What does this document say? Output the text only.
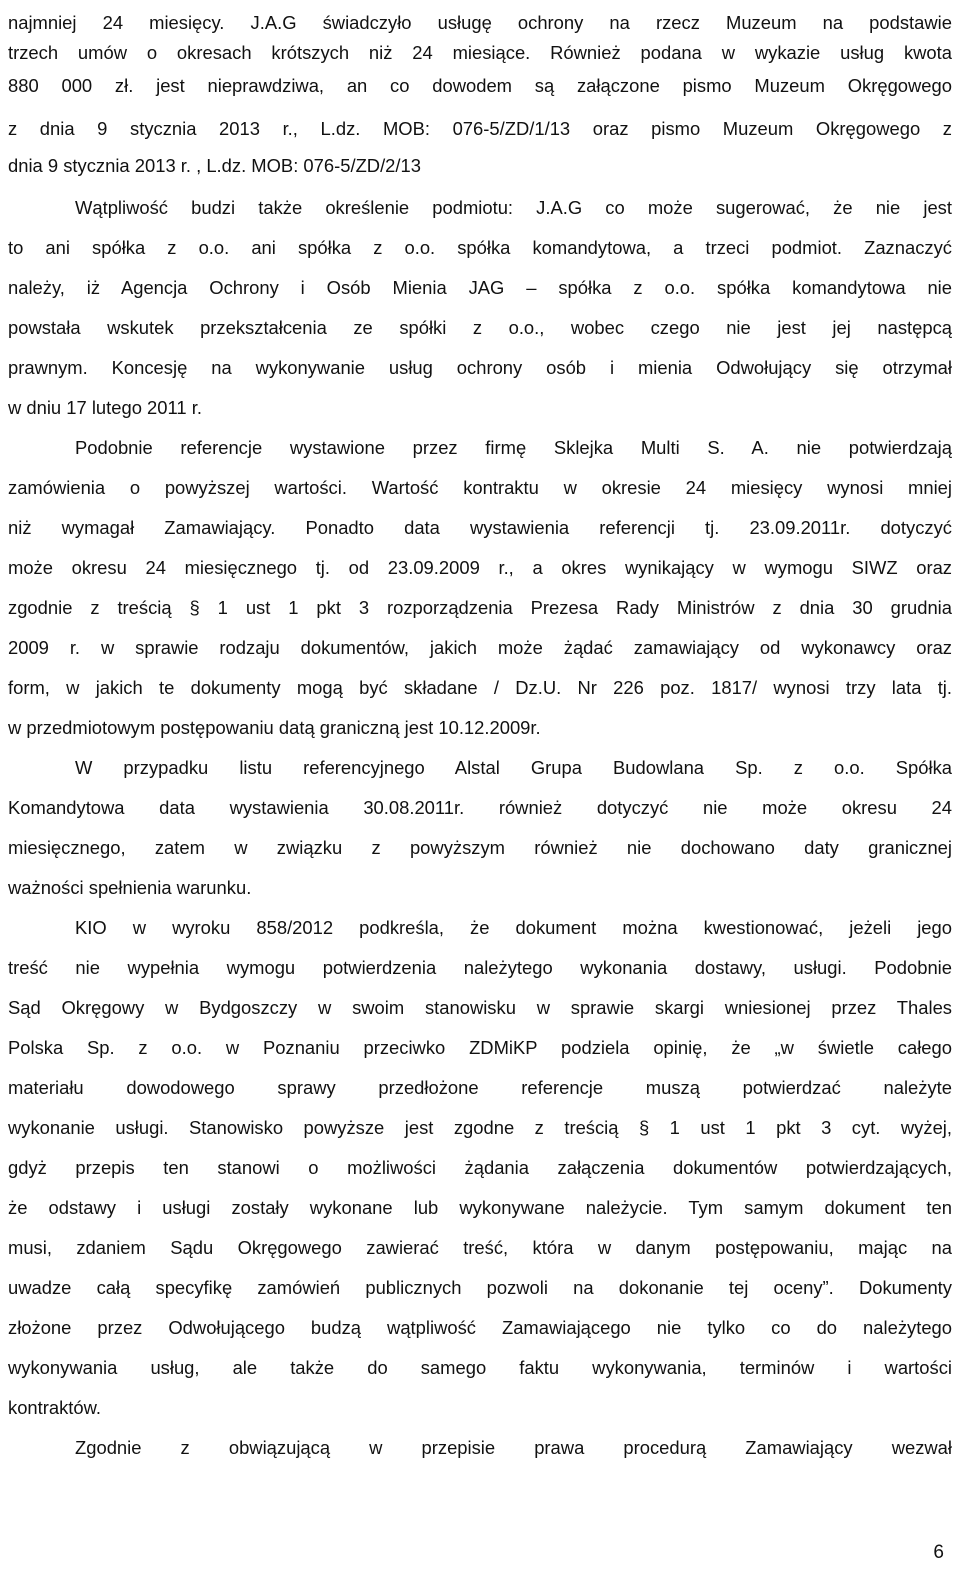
najmniej 24 miesięcy. J.A.G świadczyło usługę ochrony na rzecz Muzeum na podstawie
trzech umów o okresach krótszych niż 24 miesiące. Również podana w wykazie usług kwota
880 000 zł. jest nieprawdziwa, an co dowodem są załączone pismo Muzeum Okręgowego
z dnia 9 stycznia 2013 r., L.dz. MOB: 076-5/ZD/1/13 oraz pismo Muzeum Okręgowego z
dnia 9 stycznia 2013 r. , L.dz. MOB: 076-5/ZD/2/13
Wątpliwość budzi także określenie podmiotu: J.A.G co może sugerować, że nie jest
to ani spółka z o.o. ani spółka z o.o. spółka komandytowa, a trzeci podmiot. Zaznaczyć
należy, iż Agencja Ochrony i Osób Mienia JAG ‒ spółka z o.o. spółka komandytowa nie
powstała wskutek przekształcenia ze spółki z o.o., wobec czego nie jest jej następcą
prawnym. Koncesję na wykonywanie usług ochrony osób i mienia Odwołujący się otrzymał
w dniu 17 lutego 2011 r.
Podobnie referencje wystawione przez firmę Sklejka Multi S. A. nie potwierdzają
zamówienia o powyższej wartości. Wartość kontraktu w okresie 24 miesięcy wynosi mniej
niż wymagał Zamawiający. Ponadto data wystawienia referencji tj. 23.09.2011r. dotyczyć
może okresu 24 miesięcznego tj. od 23.09.2009 r., a okres wynikający w wymogu SIWZ oraz
zgodnie z treścią § 1 ust 1 pkt 3 rozporządzenia Prezesa Rady Ministrów z dnia 30 grudnia
2009 r. w sprawie rodzaju dokumentów, jakich może żądać zamawiający od wykonawcy oraz
form, w jakich te dokumenty mogą być składane / Dz.U. Nr 226 poz. 1817/ wynosi trzy lata tj.
w przedmiotowym postępowaniu datą graniczną jest 10.12.2009r.
W przypadku listu referencyjnego Alstal Grupa Budowlana Sp. z o.o. Spółka
Komandytowa data wystawienia 30.08.2011r. również dotyczyć nie może okresu 24
miesięcznego, zatem w związku z powyższym również nie dochowano daty granicznej
ważności spełnienia warunku.
KIO w wyroku 858/2012 podkreśla, że dokument można kwestionować, jeżeli jego
treść nie wypełnia wymogu potwierdzenia należytego wykonania dostawy, usługi. Podobnie
Sąd Okręgowy w Bydgoszczy w swoim stanowisku w sprawie skargi wniesionej przez Thales
Polska Sp. z o.o. w Poznaniu przeciwko ZDMiKP podziela opinię, że „w świetle całego
materiału dowodowego sprawy przedłożone referencje muszą potwierdzać należyte
wykonanie usługi. Stanowisko powyższe jest zgodne z treścią § 1 ust 1 pkt 3 cyt. wyżej,
gdyż przepis ten stanowi o możliwości żądania załączenia dokumentów potwierdzających,
że odstawy i usługi zostały wykonane lub wykonywane należycie. Tym samym dokument ten
musi, zdaniem Sądu Okręgowego zawierać treść, która w danym postępowaniu, mając na
uwadze całą specyfikę zamówień publicznych pozwoli na dokonanie tej oceny”. Dokumenty
złożone przez Odwołującego budzą wątpliwość Zamawiającego nie tylko co do należytego
wykonywania usług, ale także do samego faktu wykonywania, terminów i wartości
kontraktów.
Zgodnie z obwiązującą w przepisie prawa procedurą Zamawiający wezwał
6
